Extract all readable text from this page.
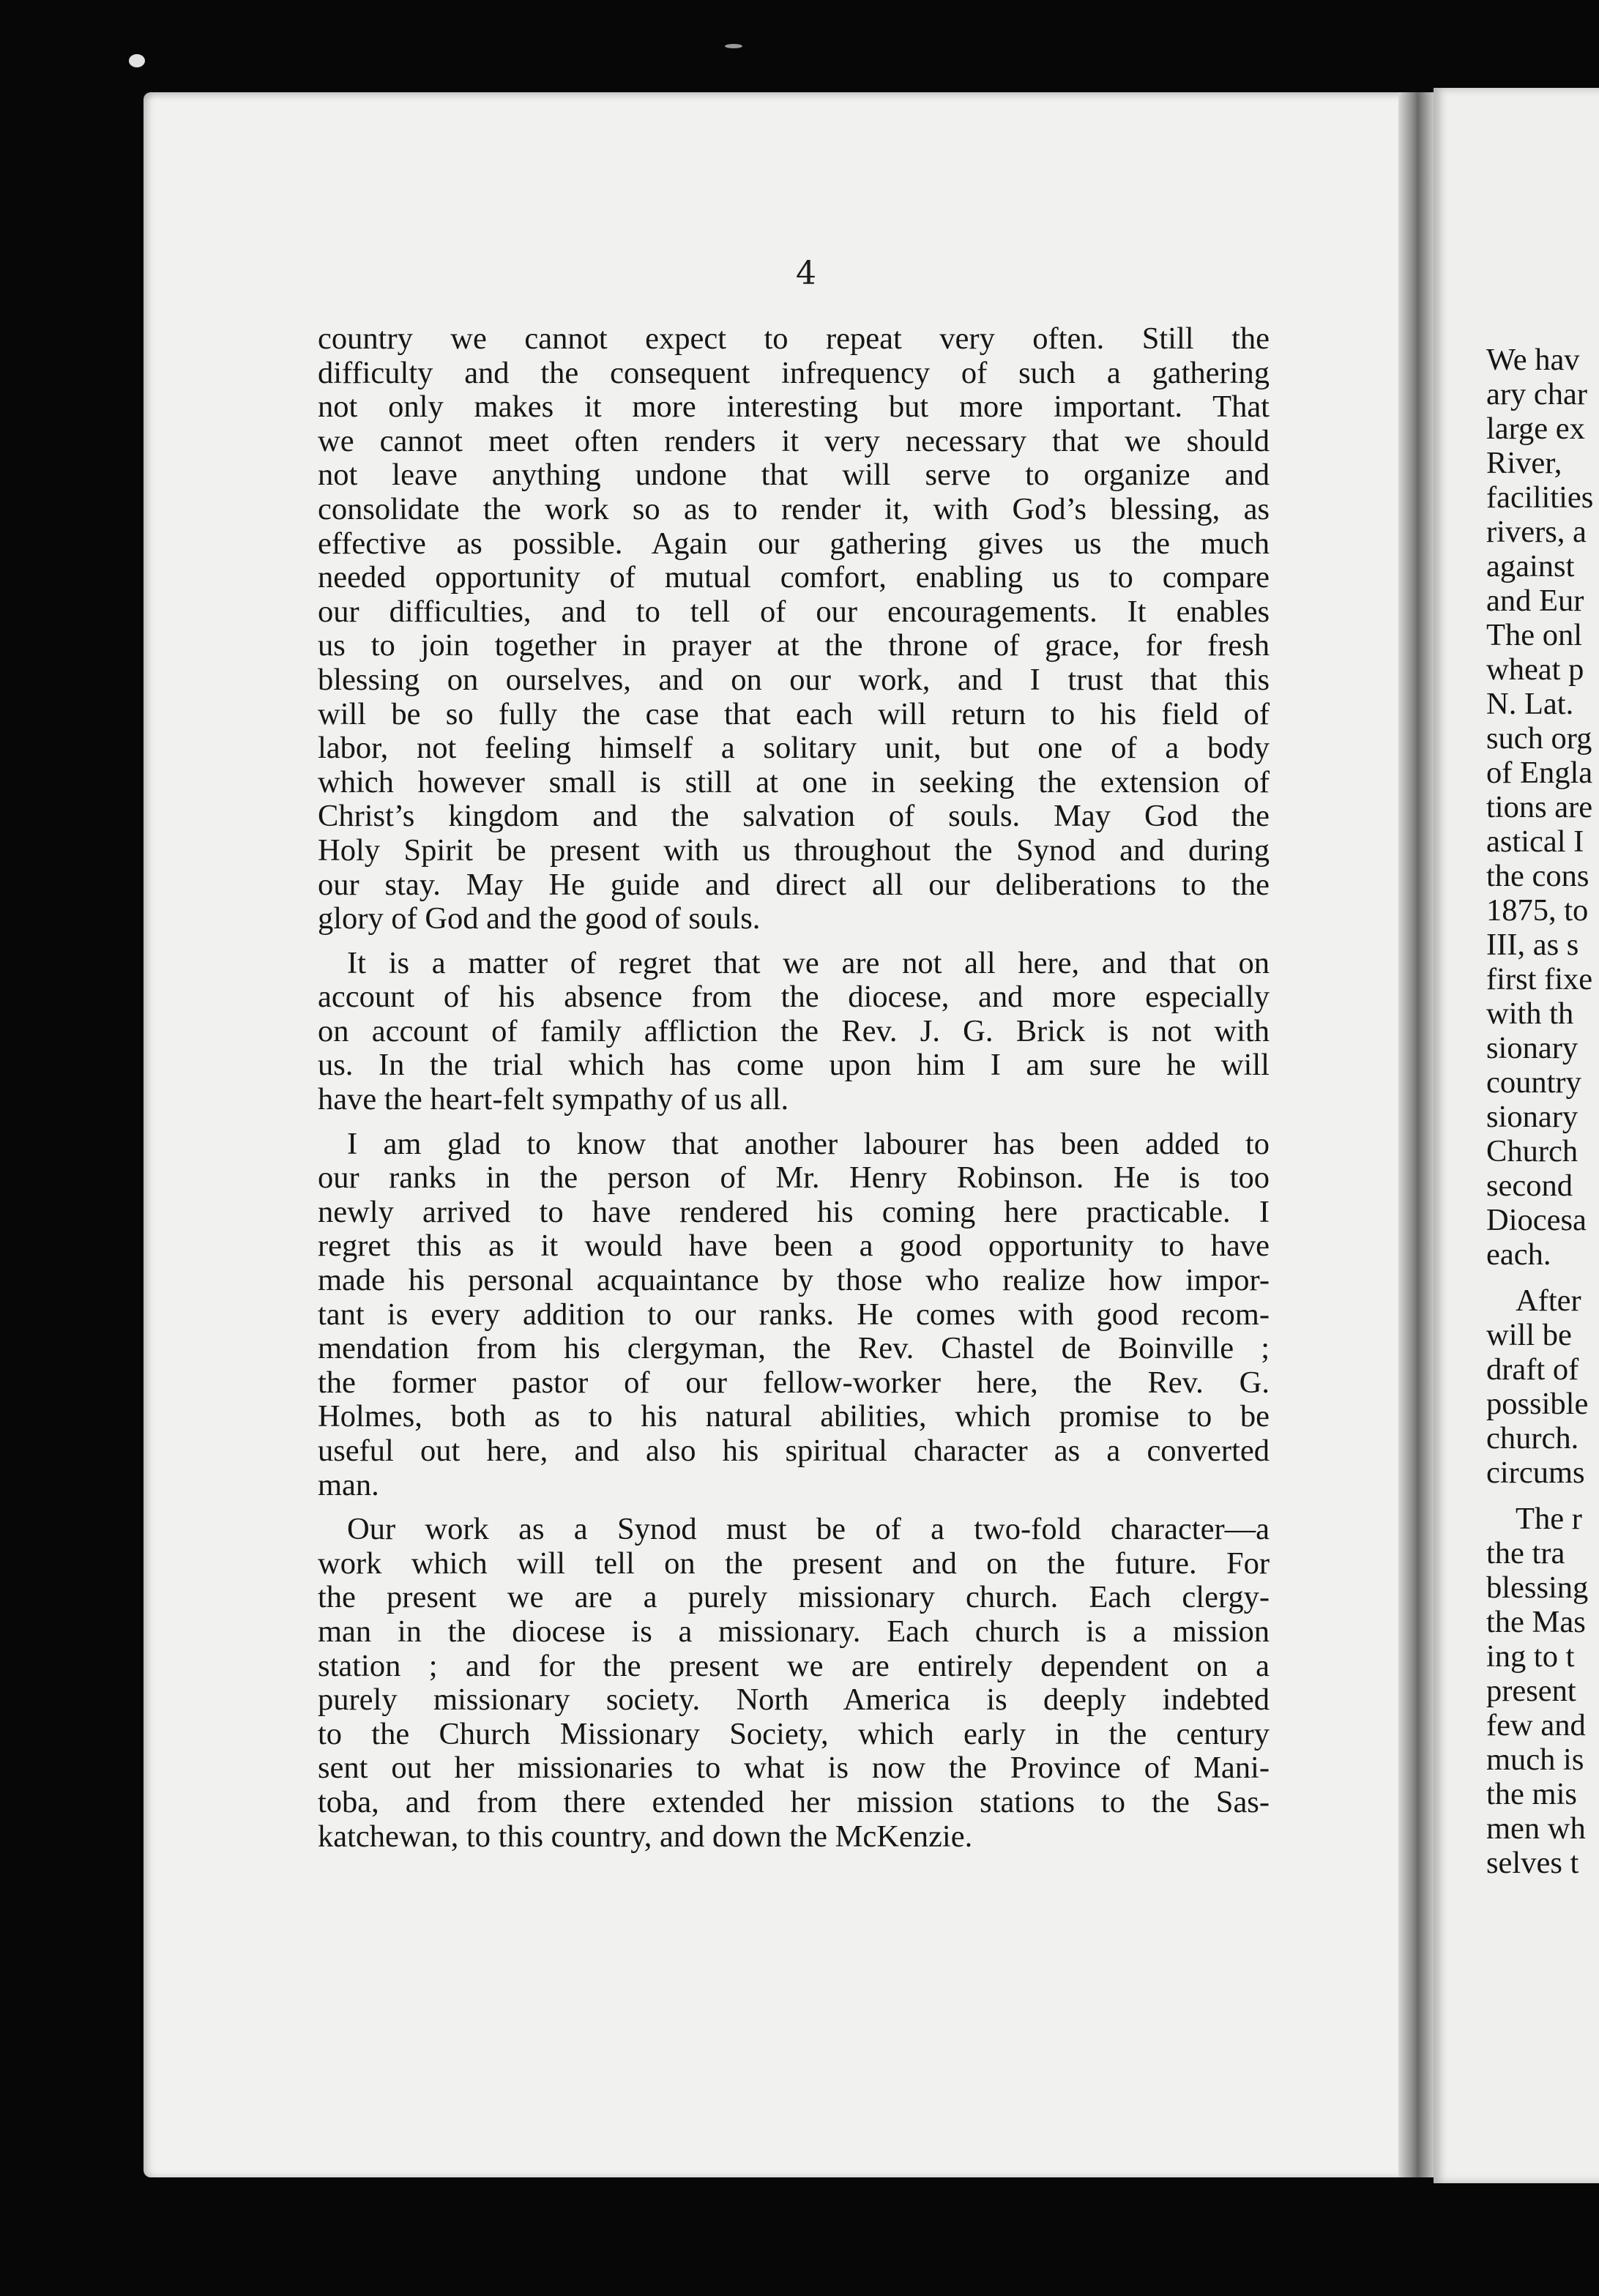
4
country we cannot expect to repeat very often. Still the
difficulty and the consequent infrequency of such a gathering
not only makes it more interesting but more important. That
we cannot meet often renders it very necessary that we should
not leave anything undone that will serve to organize and
consolidate the work so as to render it, with God’s blessing, as
effective as possible. Again our gathering gives us the much
needed opportunity of mutual comfort, enabling us to compare
our difficulties, and to tell of our encouragements. It enables
us to join together in prayer at the throne of grace, for fresh
blessing on ourselves, and on our work, and I trust that this
will be so fully the case that each will return to his field of
labor, not feeling himself a solitary unit, but one of a body
which however small is still at one in seeking the extension of
Christ’s kingdom and the salvation of souls. May God the
Holy Spirit be present with us throughout the Synod and during
our stay. May He guide and direct all our deliberations to the
glory of God and the good of souls.
It is a matter of regret that we are not all here, and that on
account of his absence from the diocese, and more especially
on account of family affliction the Rev. J. G. Brick is not with
us. In the trial which has come upon him I am sure he will
have the heart-felt sympathy of us all.
I am glad to know that another labourer has been added to
our ranks in the person of Mr. Henry Robinson. He is too
newly arrived to have rendered his coming here practicable. I
regret this as it would have been a good opportunity to have
made his personal acquaintance by those who realize how impor-
tant is every addition to our ranks. He comes with good recom-
mendation from his clergyman, the Rev. Chastel de Boinville ;
the former pastor of our fellow-worker here, the Rev. G.
Holmes, both as to his natural abilities, which promise to be
useful out here, and also his spiritual character as a converted
man.
Our work as a Synod must be of a two-fold character—a
work which will tell on the present and on the future. For
the present we are a purely missionary church. Each clergy-
man in the diocese is a missionary. Each church is a mission
station ; and for the present we are entirely dependent on a
purely missionary society. North America is deeply indebted
to the Church Missionary Society, which early in the century
sent out her missionaries to what is now the Province of Mani-
toba, and from there extended her mission stations to the Sas-
katchewan, to this country, and down the McKenzie.
We hav
ary char
large ex
River,
facilities
rivers, a
against
and Eur
The onl
wheat p
N. Lat.
such org
of Engla
tions are
astical I
the cons
1875, to
III, as s
first fixe
with th
sionary
country
sionary
Church
second
Diocesa
each.
After
will be
draft of
possible
church.
circums
The r
the tra
blessing
the Mas
ing to t
present
few and
much is
the mis
men wh
selves t
